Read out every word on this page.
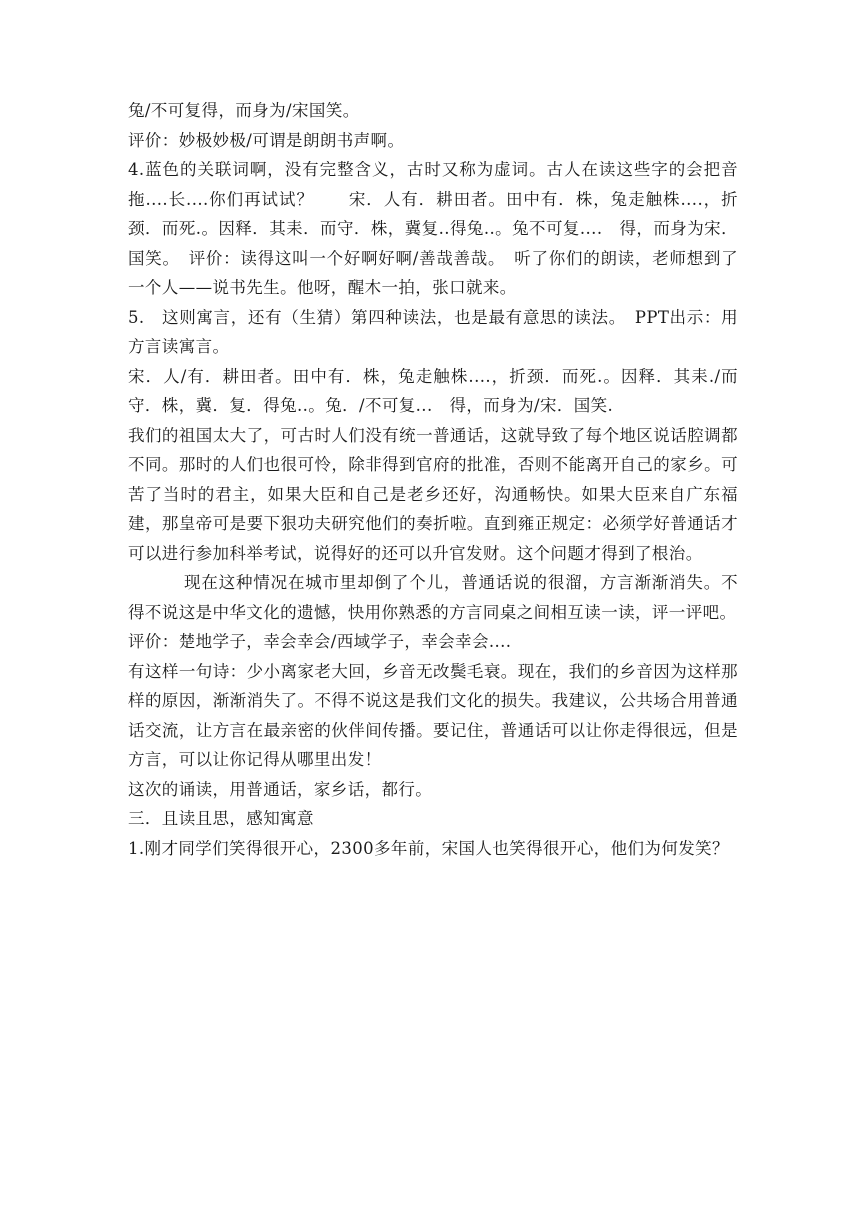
兔/不可复得，而身为/宋国笑。

评价：妙极妙极/可谓是朗朗书声啊。

4.蓝色的关联词啊，没有完整含义，古时又称为虚词。古人在读这些字的会把音拖....长....你们再试试？　　宋．人有．耕田者。田中有．株，兔走触株....，折颈．而死.。因释．其耒．而守．株，冀复..得兔..。兔不可复....　得，而身为宋．国笑。　评价：读得这叫一个好啊好啊/善哉善哉。　听了你们的朗读，老师想到了一个人——说书先生。他呀，醒木一拍，张口就来。

5.　这则寓言，还有（生猜）第四种读法，也是最有意思的读法。　PPT出示：用方言读寓言。

宋．人/有．耕田者。田中有．株，兔走触株....，折颈．而死.。因释．其耒./而守．株，冀．复．得兔..。兔．/不可复...　得，而身为/宋．国笑.

我们的祖国太大了，可古时人们没有统一普通话，这就导致了每个地区说话腔调都不同。那时的人们也很可怜，除非得到官府的批准，否则不能离开自己的家乡。可苦了当时的君主，如果大臣和自己是老乡还好，沟通畅快。如果大臣来自广东福建，那皇帝可是要下狠功夫研究他们的奏折啦。直到雍正规定：必须学好普通话才可以进行参加科举考试，说得好的还可以升官发财。这个问题才得到了根治。

现在这种情况在城市里却倒了个儿，普通话说的很溜，方言渐渐消失。不得不说这是中华文化的遗憾，快用你熟悉的方言同桌之间相互读一读，评一评吧。

评价：楚地学子，幸会幸会/西域学子，幸会幸会....

有这样一句诗：少小离家老大回，乡音无改鬓毛衰。现在，我们的乡音因为这样那样的原因，渐渐消失了。不得不说这是我们文化的损失。我建议，公共场合用普通话交流，让方言在最亲密的伙伴间传播。要记住，普通话可以让你走得很远，但是方言，可以让你记得从哪里出发！

这次的诵读，用普通话，家乡话，都行。

三．且读且思，感知寓意

1.刚才同学们笑得很开心，2300多年前，宋国人也笑得很开心，他们为何发笑？
